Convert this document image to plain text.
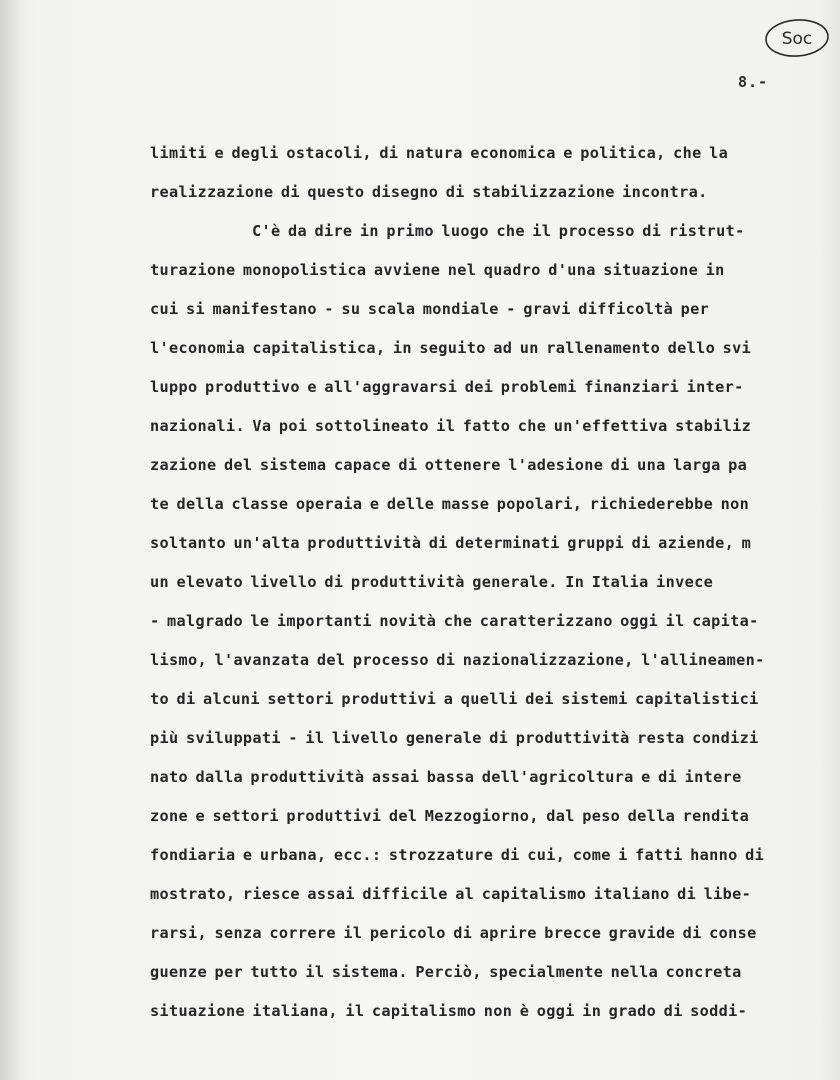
Soc
8.-
limiti e degli ostacoli, di natura economica e politica, che la
realizzazione di questo disegno di stabilizzazione incontra.
C'è da dire in primo luogo che il processo di ristrut-
turazione monopolistica avviene nel quadro d'una situazione in
cui si manifestano - su scala mondiale - gravi difficoltà per
l'economia capitalistica, in seguito ad un rallenamento dello svi
luppo produttivo e all'aggravarsi dei problemi finanziari inter-
nazionali. Va poi sottolineato il fatto che un'effettiva stabiliz
zazione del sistema capace di ottenere l'adesione di una larga pa
te della classe operaia e delle masse popolari, richiederebbe non
soltanto un'alta produttività di determinati gruppi di aziende, m
un elevato livello di produttività generale. In Italia invece
- malgrado le importanti novità che caratterizzano oggi il capita-
lismo, l'avanzata del processo di nazionalizzazione, l'allineamen-
to di alcuni settori produttivi a quelli dei sistemi capitalistici
più sviluppati - il livello generale di produttività resta condizi
nato dalla produttività assai bassa dell'agricoltura e di intere
zone e settori produttivi del Mezzogiorno, dal peso della rendita
fondiaria e urbana, ecc.: strozzature di cui, come i fatti hanno di
mostrato, riesce assai difficile al capitalismo italiano di libe-
rarsi, senza correre il pericolo di aprire brecce gravide di conse
guenze per tutto il sistema. Perciò, specialmente nella concreta
situazione italiana, il capitalismo non è oggi in grado di soddi-
